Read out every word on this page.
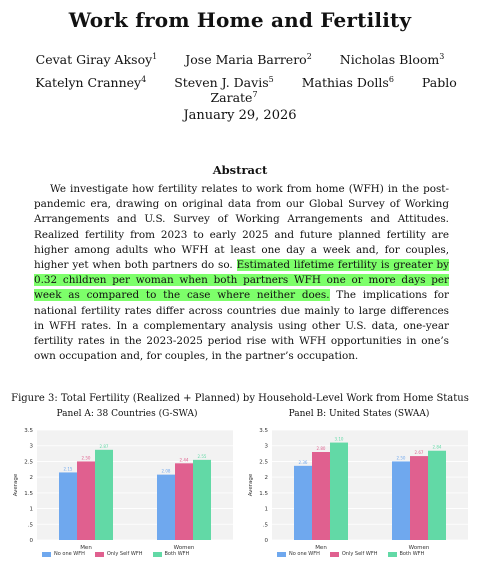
Work from Home and Fertility
Cevat Giray Aksoy$^1$ Jose Maria Barrero$^2$ Nicholas Bloom$^3$
Katelyn Cranney$^4$ Steven J. Davis$^5$ Mathias Dolls$^6$ Pablo Zarate$^7$
January 29, 2026
Abstract
We investigate how fertility relates to work from home (WFH) in the post-pandemic era, drawing on original data from our Global Survey of Working Arrangements and U.S. Survey of Working Arrangements and Attitudes. Realized fertility from 2023 to early 2025 and future planned fertility are higher among adults who WFH at least one day a week and, for couples, higher yet when both partners do so. Estimated lifetime fertility is greater by 0.32 children per woman when both partners WFH one or more days per week as compared to the case where neither does. The implications for national fertility rates differ across countries due mainly to large differences in WFH rates. In a complementary analysis using other U.S. data, one-year fertility rates in the 2023-2025 period rise with WFH opportunities in one’s own occupation and, for couples, in the partner’s occupation.
Figure 3: Total Fertility (Realized + Planned) by Household-Level Work from Home Status
Panel A: 38 Countries (G-SWA)	Panel B: United States (SWAA)
0
.5
1
1.5
2
2.5
3
3.5
Average
2.15
2.50
2.87
Men
2.08
2.44
2.55
Women
0
.5
1
1.5
2
2.5
3
3.5
Average
2.36
2.80
3.10
Men
2.50
2.67
2.84
Women
No one WFH	Only Self WFH	Both WFH	No one WFH	Only Self WFH	Both WFH
